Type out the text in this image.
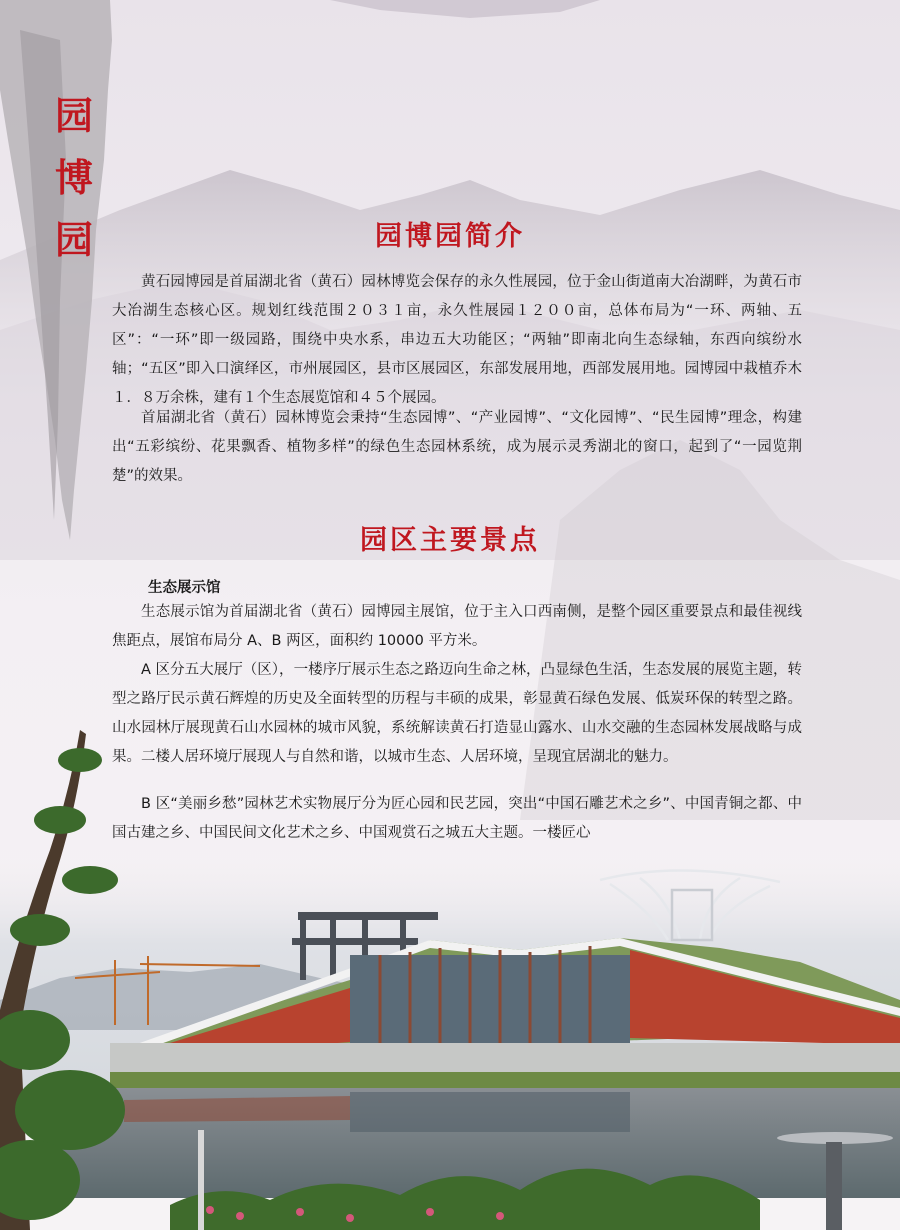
园
博
园	园博园简介

黄石园博园是首届湖北省（黄石）园林博览会保存的永久性展园，位于金山街道南大冶湖畔，为黄石市大冶湖生态核心区。规划红线范围２０３１亩，永久性展园１２００亩，总体布局为“一环、两轴、五区”：“一环”即一级园路，围绕中央水系，串边五大功能区；“两轴”即南北向生态绿轴，东西向缤纷水轴；“五区”即入口演绎区，市州展园区，县市区展园区，东部发展用地，西部发展用地。园博园中栽植乔木１．８万余株，建有１个生态展览馆和４５个展园。

首届湖北省（黄石）园林博览会秉持“生态园博”、“产业园博”、“文化园博”、“民生园博”理念，构建出“五彩缤纷、花果飘香、植物多样”的绿色生态园林系统，成为展示灵秀湖北的窗口，起到了“一园览荆楚”的效果。

园区主要景点
生态展示馆

生态展示馆为首届湖北省（黄石）园博园主展馆，位于主入口西南侧，是整个园区重要景点和最佳视线焦距点，展馆布局分 A、B 两区，面积约 10000 平方米。

A 区分五大展厅（区），一楼序厅展示生态之路迈向生命之林，凸显绿色生活，生态发展的展览主题，转型之路厅民示黄石辉煌的历史及全面转型的历程与丰硕的成果，彰显黄石绿色发展、低炭环保的转型之路。山水园林厅展现黄石山水园林的城市风貌，系统解读黄石打造显山露水、山水交融的生态园林发展战略与成果。二楼人居环境厅展现人与自然和谐，以城市生态、人居环境，呈现宜居湖北的魅力。

B 区“美丽乡愁”园林艺术实物展厅分为匠心园和民艺园，突出“中国石雕艺术之乡”、中国青铜之都、中国古建之乡、中国民间文化艺术之乡、中国观赏石之城五大主题。一楼匠心
